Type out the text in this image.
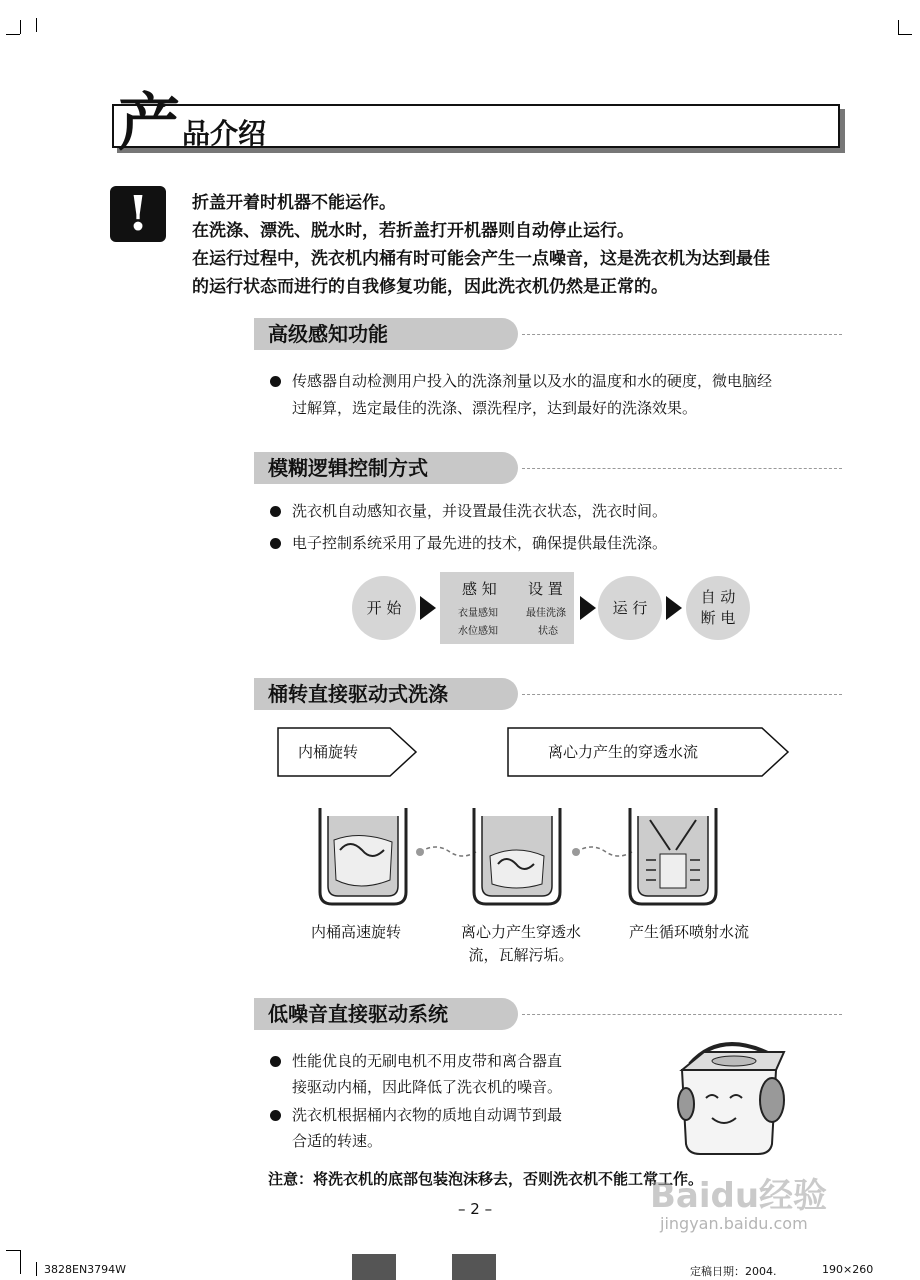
产 品介绍
!	折盖开着时机器不能运作。
在洗涤、漂洗、脱水时，若折盖打开机器则自动停止运行。
在运行过程中，洗衣机内桶有时可能会产生一点噪音，这是洗衣机为达到最佳
的运行状态而进行的自我修复功能，因此洗衣机仍然是正常的。
高级感知功能
传感器自动检测用户投入的洗涤剂量以及水的温度和水的硬度，微电脑经
过解算，选定最佳的洗涤、漂洗程序，达到最好的洗涤效果。
模糊逻辑控制方式
洗衣机自动感知衣量，并设置最佳洗衣状态，洗衣时间。
电子控制系统采用了最先进的技术，确保提供最佳洗涤。
开 始
感 知 设 置
衣量感知
水位感知
最佳洗涤
状态
运 行
自 动
断 电
桶转直接驱动式洗涤
内桶旋转	离心力产生的穿透水流
内桶高速旋转	离心力产生穿透水
流，瓦解污垢。
产生循环喷射水流
低噪音直接驱动系统
性能优良的无刷电机不用皮带和离合器直
接驱动内桶，因此降低了洗衣机的噪音。
洗衣机根据桶内衣物的质地自动调节到最
合适的转速。
注意：将洗衣机的底部包装泡沫移去，否则洗衣机不能工常工作。
– 2 –	Baidu经验
jingyan.baidu.com
3828EN3794W	定稿日期：2004.	190×260
